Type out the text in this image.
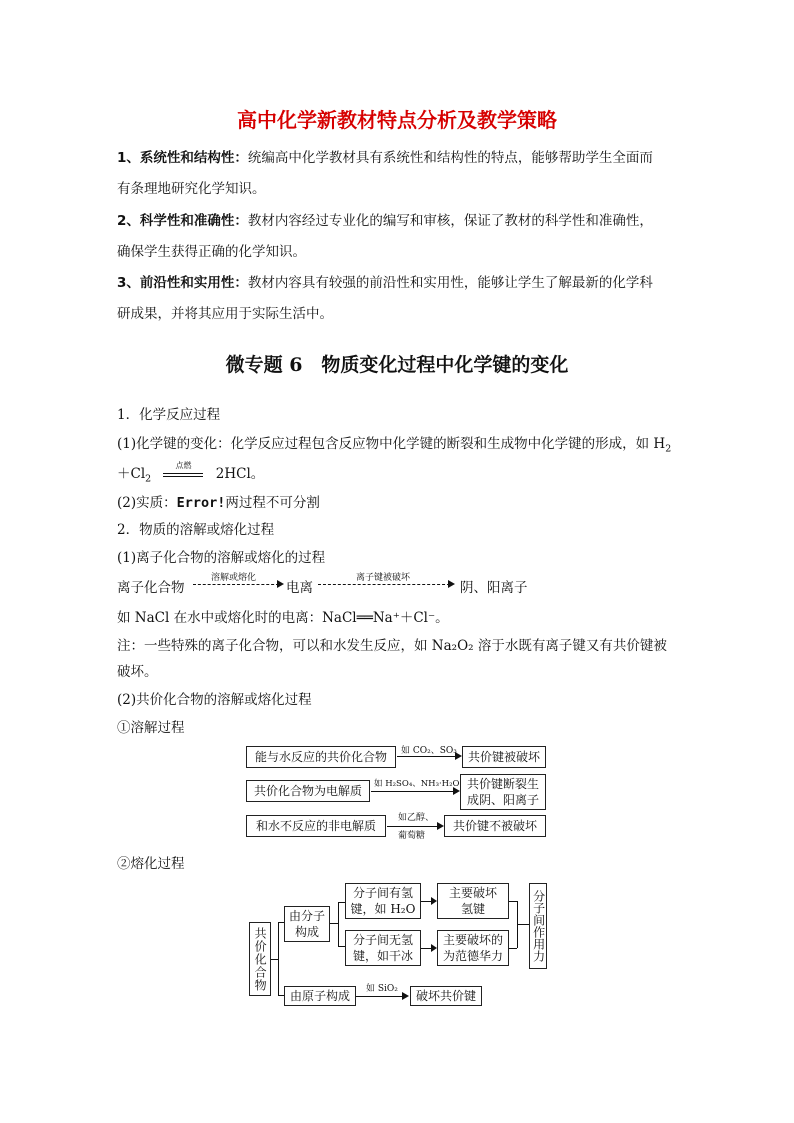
高中化学新教材特点分析及教学策略
1、系统性和结构性：统编高中化学教材具有系统性和结构性的特点，能够帮助学生全面而
有条理地研究化学知识。
2、科学性和准确性：教材内容经过专业化的编写和审核，保证了教材的科学性和准确性，
确保学生获得正确的化学知识。
3、前沿性和实用性：教材内容具有较强的前沿性和实用性，能够让学生了解最新的化学科
研成果，并将其应用于实际生活中。
微专题 6　物质变化过程中化学键的变化
1．化学反应过程
(1)化学键的变化：化学反应过程包含反应物中化学键的断裂和生成物中化学键的形成，如 $H_2$
$+Cl_2$
点燃
2HCl。
(2)实质：Error!两过程不可分割
2．物质的溶解或熔化过程
(1)离子化合物的溶解或熔化的过程
离子化合物
溶解或熔化
电离
离子键被破坏
阴、阳离子
如 NaCl 在水中或熔化时的电离：NaCl══Na⁺＋Cl⁻。
注：一些特殊的离子化合物，可以和水发生反应，如 Na₂O₂ 溶于水既有离子键又有共价键被
破坏。
(2)共价化合物的溶解或熔化过程
①溶解过程
能与水反应的共价化合物	如 CO₂、SO₃ 共价键被破坏
共价化合物为电解质	如 H₂SO₄、NH₃·H₂O 共价键断裂生
成阴、阳离子
和水不反应的非电解质
如乙醇、
葡萄糖
共价键不被破坏
②熔化过程
共价化合物
由分子构成
分子间有氢
键，如 H₂O
主要破坏
氢键
分子间无氢
键，如干冰
主要破坏的
为范德华力 分子间作用力
由原子构成	如 SiO₂	破坏共价键
